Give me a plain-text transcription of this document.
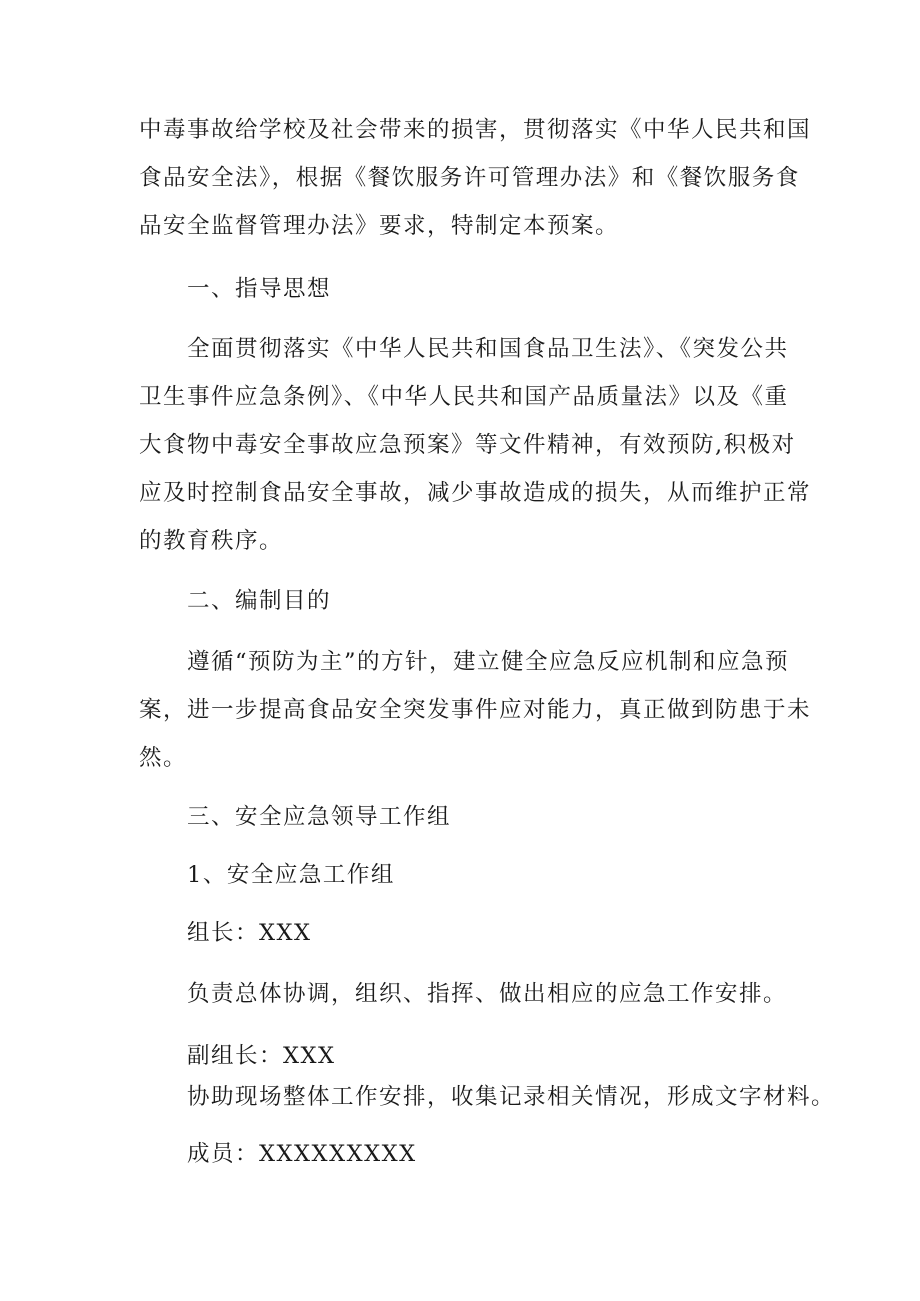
中毒事故给学校及社会带来的损害，贯彻落实《中华人民共和国
食品安全法》，根据《餐饮服务许可管理办法》和《餐饮服务食
品安全监督管理办法》要求，特制定本预案。
一、指导思想
全面贯彻落实《中华人民共和国食品卫生法》、《突发公共
卫生事件应急条例》、《中华人民共和国产品质量法》以及《重
大食物中毒安全事故应急预案》等文件精神，有效预防,积极对
应及时控制食品安全事故，减少事故造成的损失，从而维护正常
的教育秩序。
二、编制目的
遵循“预防为主”的方针，建立健全应急反应机制和应急预
案，进一步提高食品安全突发事件应对能力，真正做到防患于未
然。
三、安全应急领导工作组
1、安全应急工作组
组长：XXX
负责总体协调，组织、指挥、做出相应的应急工作安排。
副组长：XXX
协助现场整体工作安排，收集记录相关情况，形成文字材料。
成员：XXXXXXXXX
